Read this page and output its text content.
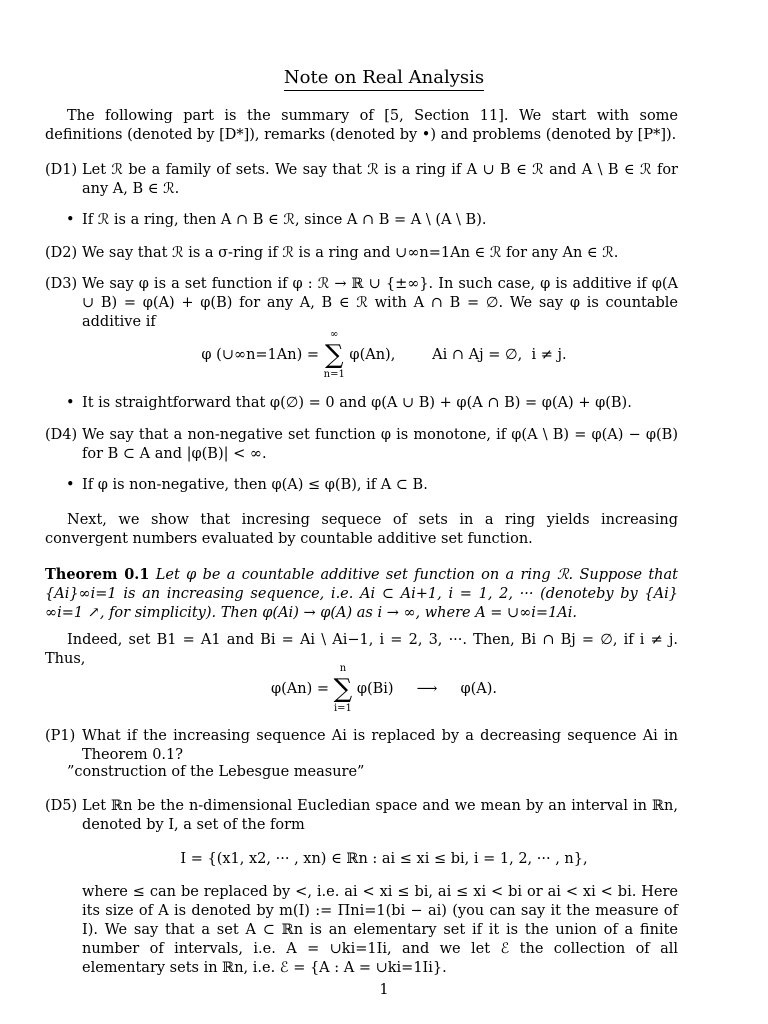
Note on Real Analysis
The following part is the summary of [5, Section 11]. We start with some definitions (denoted by [D*]), remarks (denoted by •) and problems (denoted by [P*]).
(D1) Let ℛ be a family of sets. We say that ℛ is a ring if A ∪ B ∈ ℛ and A \ B ∈ ℛ for any A, B ∈ ℛ.
• If ℛ is a ring, then A ∩ B ∈ ℛ, since A ∩ B = A \ (A \ B).
(D2) We say that ℛ is a σ-ring if ℛ is a ring and ∪∞n=1An ∈ ℛ for any An ∈ ℛ.
(D3) We say φ is a set function if φ : ℛ → ℝ ∪ {±∞}. In such case, φ is additive if φ(A ∪ B) = φ(A) + φ(B) for any A, B ∈ ℛ with A ∩ B = ∅. We say φ is countable additive if
φ (∪∞n=1An) =
∞
∑
n=1
φ(An),        Ai ∩ Aj = ∅,  i ≠ j.
• It is straightforward that φ(∅) = 0 and φ(A ∪ B) + φ(A ∩ B) = φ(A) + φ(B).
(D4) We say that a non-negative set function φ is monotone, if φ(A \ B) = φ(A) − φ(B) for B ⊂ A and |φ(B)| < ∞.
• If φ is non-negative, then φ(A) ≤ φ(B), if A ⊂ B.
Next, we show that incresing sequece of sets in a ring yields increasing convergent numbers evaluated by countable additive set function.
Theorem 0.1 Let φ be a countable additive set function on a ring ℛ. Suppose that {Ai}∞i=1 is an increasing sequence, i.e. Ai ⊂ Ai+1, i = 1, 2, ··· (denoteby by {Ai}∞i=1 ↗, for simplicity). Then φ(Ai) → φ(A) as i → ∞, where A = ∪∞i=1Ai.
Indeed, set B1 = A1 and Bi = Ai \ Ai−1, i = 2, 3, ···. Then, Bi ∩ Bj = ∅, if i ≠ j. Thus,
φ(An) =
n
∑
i=1
φ(Bi)     ⟶     φ(A).
(P1) What if the increasing sequence Ai is replaced by a decreasing sequence Ai in Theorem 0.1?
”construction of the Lebesgue measure”
(D5) Let ℝn be the n-dimensional Eucledian space and we mean by an interval in ℝn, denoted by I, a set of the form
I = {(x1, x2, ··· , xn) ∈ ℝn : ai ≤ xi ≤ bi, i = 1, 2, ··· , n},
where ≤ can be replaced by <, i.e. ai < xi ≤ bi, ai ≤ xi < bi or ai < xi < bi. Here its size of A is denoted by m(I) := Πni=1(bi − ai) (you can say it the measure of I). We say that a set A ⊂ ℝn is an elementary set if it is the union of a finite number of intervals, i.e. A = ∪ki=1Ii, and we let ℰ the collection of all elementary sets in ℝn, i.e. ℰ = {A : A = ∪ki=1Ii}.
1
